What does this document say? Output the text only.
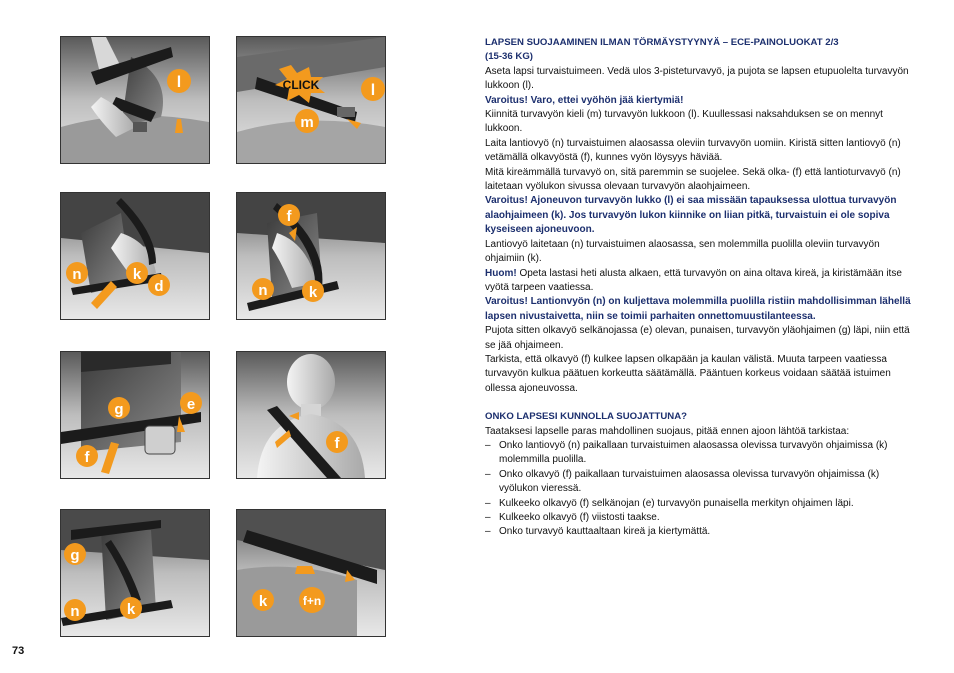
l	CLICK	l
m
n	k
d
f
n	k
g	e
f
f
g
n	k	k	f+n

LAPSEN SUOJAAMINEN ILMAN TÖRMÄYSTYYNYÄ – ECE-PAINOLUOKAT 2/3
(15-36 KG)

Aseta lapsi turvaistuimeen. Vedä ulos 3-pisteturvavyö, ja pujota se lapsen etupuolelta turvavyön lukkoon (l).

Varoitus! Varo, ettei vyöhön jää kiertymiä!

Kiinnitä turvavyön kieli (m) turvavyön lukkoon (l). Kuullessasi naksahduksen se on mennyt lukkoon.

Laita lantiovyö (n) turvaistuimen alaosassa oleviin turvavyön uomiin. Kiristä sitten lantiovyö (n) vetämällä olkavyöstä (f), kunnes vyön löysyys häviää.

Mitä kireämmällä turvavyö on, sitä paremmin se suojelee. Sekä olka- (f) että lantioturvavyö (n) laitetaan vyölukon sivussa olevaan turvavyön alaohjaimeen.

Varoitus! Ajoneuvon turvavyön lukko (l) ei saa missään tapauksessa ulottua turvavyön alaohjaimeen (k). Jos turvavyön lukon kiinnike on liian pitkä, turvaistuin ei ole sopiva kyseiseen ajoneuvoon.

Lantiovyö laitetaan (n) turvaistuimen alaosassa, sen molemmilla puolilla oleviin turvavyön ohjaimiin (k).

Huom! Opeta lastasi heti alusta alkaen, että turvavyön on aina oltava kireä, ja kiristämään itse vyötä tarpeen vaatiessa.

Varoitus! Lantionvyön (n) on kuljettava molemmilla puolilla ristiin mahdollisimman lähellä lapsen nivustaivetta, niin se toimii parhaiten onnettomuustilanteessa.

Pujota sitten olkavyö selkänojassa (e) olevan, punaisen, turvavyön yläohjaimen (g) läpi, niin että se jää ohjaimeen.

Tarkista, että olkavyö (f) kulkee lapsen olkapään ja kaulan välistä. Muuta tarpeen vaatiessa turvavyön kulkua päätuen korkeutta säätämällä. Pääntuen korkeus voidaan säätää istuimen ollessa ajoneuvossa.

ONKO LAPSESI KUNNOLLA SUOJATTUNA?

Taataksesi lapselle paras mahdollinen suojaus, pitää ennen ajoon lähtöä tarkistaa:

– Onko lantiovyö (n) paikallaan turvaistuimen alaosassa olevissa turvavyön ohjaimissa (k) molemmilla puolilla.
– Onko olkavyö (f) paikallaan turvaistuimen alaosassa olevissa turvavyön ohjaimissa (k) vyölukon vieressä.
– Kulkeeko olkavyö (f) selkänojan (e) turvavyön punaisella merkityn ohjaimen läpi.
– Kulkeeko olkavyö (f) viistosti taakse.
– Onko turvavyö kauttaaltaan kireä ja kiertymättä.
73
